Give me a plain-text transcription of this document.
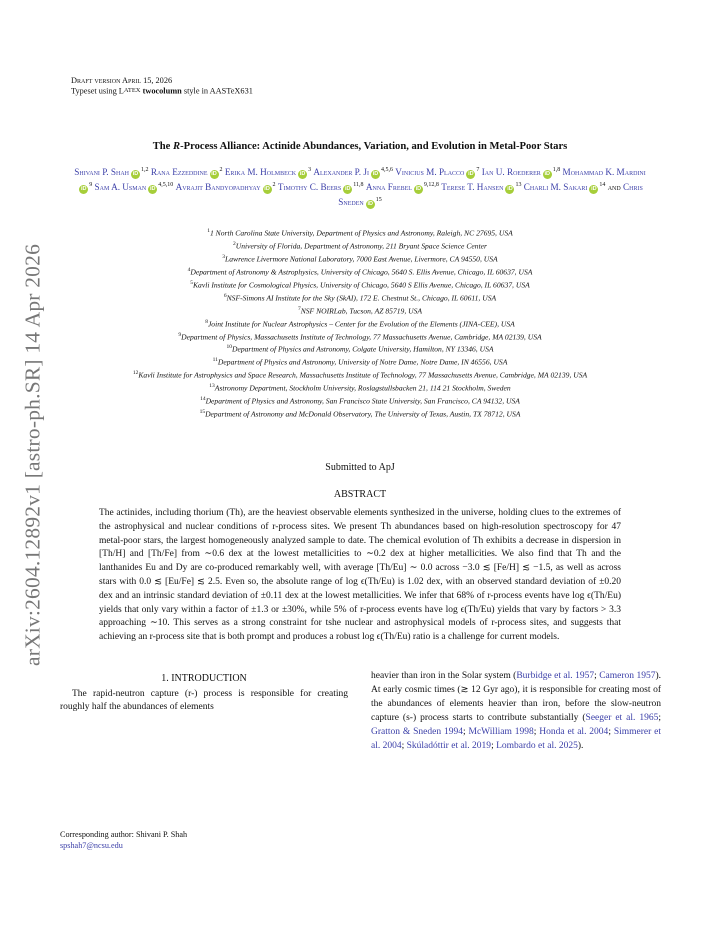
arXiv:2604.12892v1 [astro-ph.SR] 14 Apr 2026
Draft version April 15, 2026
Typeset using LATEX twocolumn style in AASTeX631
The R-Process Alliance: Actinide Abundances, Variation, and Evolution in Metal-Poor Stars
Shivani P. Shah iD$^{1,2}$ Rana Ezzeddine $iD^2$ Erika M. Holmbeck $iD^3$ Alexander P. Ji iD$^{4,5,6}$ Vinicius M. Placco $iD^7$ Ian U. Roederer iD$^{1,8}$ Mohammad K. MardiniiD$^9$ Sam A. Usman iD$^{4,5,10}$ Avrajit Bandyopadhyay $iD^2$ Timothy C. Beers iD$^{11,8}$ Anna Frebel iD$^{9,12,8}$ Terese T. Hansen $iD^{13}$ Charli M. Sakari $iD^{14}$ and Chris Sneden $iD^{15}$
$^1$1 North Carolina State University, Department of Physics and Astronomy, Raleigh, NC 27695, USA
$^2$University of Florida, Department of Astronomy, 211 Bryant Space Science Center
$^3$Lawrence Livermore National Laboratory, 7000 East Avenue, Livermore, CA 94550, USA
$^4$Department of Astronomy & Astrophysics, University of Chicago, 5640 S. Ellis Avenue, Chicago, IL 60637, USA
$^5$Kavli Institute for Cosmological Physics, University of Chicago, 5640 S Ellis Avenue, Chicago, IL 60637, USA
$^6$NSF-Simons AI Institute for the Sky (SkAI), 172 E. Chestnut St., Chicago, IL 60611, USA
$^7$NSF NOIRLab, Tucson, AZ 85719, USA
$^8$Joint Institute for Nuclear Astrophysics – Center for the Evolution of the Elements (JINA-CEE), USA
$^9$Department of Physics, Massachusetts Institute of Technology, 77 Massachusetts Avenue, Cambridge, MA 02139, USA
$^{10}$Department of Physics and Astronomy, Colgate University, Hamilton, NY 13346, USA
$^{11}$Department of Physics and Astronomy, University of Notre Dame, Notre Dame, IN 46556, USA
$^{12}$Kavli Institute for Astrophysics and Space Research, Massachusetts Institute of Technology, 77 Massachusetts Avenue, Cambridge, MA 02139, USA
$^{13}$Astronomy Department, Stockholm University, Roslagstullsbacken 21, 114 21 Stockholm, Sweden
$^{14}$Department of Physics and Astronomy, San Francisco State University, San Francisco, CA 94132, USA
$^{15}$Department of Astronomy and McDonald Observatory, The University of Texas, Austin, TX 78712, USA
Submitted to ApJ
ABSTRACT
The actinides, including thorium (Th), are the heaviest observable elements synthesized in the universe, holding clues to the extremes of the astrophysical and nuclear conditions of r-process sites. We present Th abundances based on high-resolution spectroscopy for 47 metal-poor stars, the largest homogeneously analyzed sample to date. The chemical evolution of Th exhibits a decrease in dispersion in [Th/H] and [Th/Fe] from ∼0.6 dex at the lowest metallicities to ∼0.2 dex at higher metallicities. We also find that Th and the lanthanides Eu and Dy are co-produced remarkably well, with average [Th/Eu] ∼ 0.0 across −3.0 ≲ [Fe/H] ≲ −1.5, as well as across stars with 0.0 ≲ [Eu/Fe] ≲ 2.5. Even so, the absolute range of log ϵ(Th/Eu) is 1.02 dex, with an observed standard deviation of ±0.20 dex and an intrinsic standard deviation of ±0.11 dex at the lowest metallicities. We infer that 68% of r-process events have log ϵ(Th/Eu) yields that only vary within a factor of ±1.3 or ±30%, while 5% of r-process events have log ϵ(Th/Eu) yields that vary by factors > 3.3 approaching ∼10. This serves as a strong constraint for tshe nuclear and astrophysical models of r-process sites, and suggests that achieving an r-process site that is both prompt and produces a robust log ϵ(Th/Eu) ratio is a challenge for current models.
1. INTRODUCTION

The rapid-neutron capture (r-) process is responsible for creating roughly half the abundances of elements

Corresponding author: Shivani P. Shah
spshah7@ncsu.edu
heavier than iron in the Solar system (Burbidge et al. 1957; Cameron 1957). At early cosmic times (≳ 12 Gyr ago), it is responsible for creating most of the abundances of elements heavier than iron, before the slow-neutron capture (s-) process starts to contribute substantially (Seeger et al. 1965; Gratton & Sneden 1994; McWilliam 1998; Honda et al. 2004; Simmerer et al. 2004; Skúladóttir et al. 2019; Lombardo et al. 2025).
